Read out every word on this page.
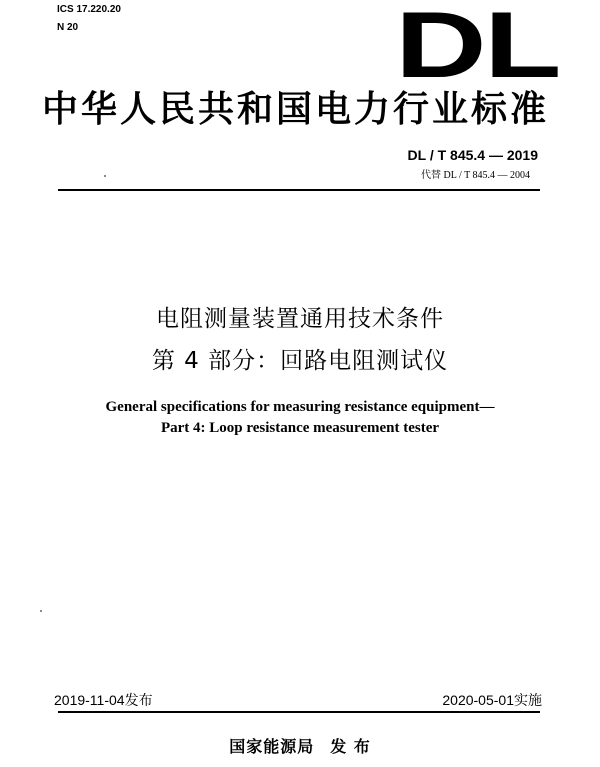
ICS 17.220.20
N 20	DL
中华人民共和国电力行业标准
DL / T 845.4 — 2019
代替 DL / T 845.4 — 2004
电阻测量装置通用技术条件
第 4 部分：回路电阻测试仪
General specifications for measuring resistance equipment—
Part 4: Loop resistance measurement tester
2019-11-04发布	2020-05-01实施
国家能源局 发 布
